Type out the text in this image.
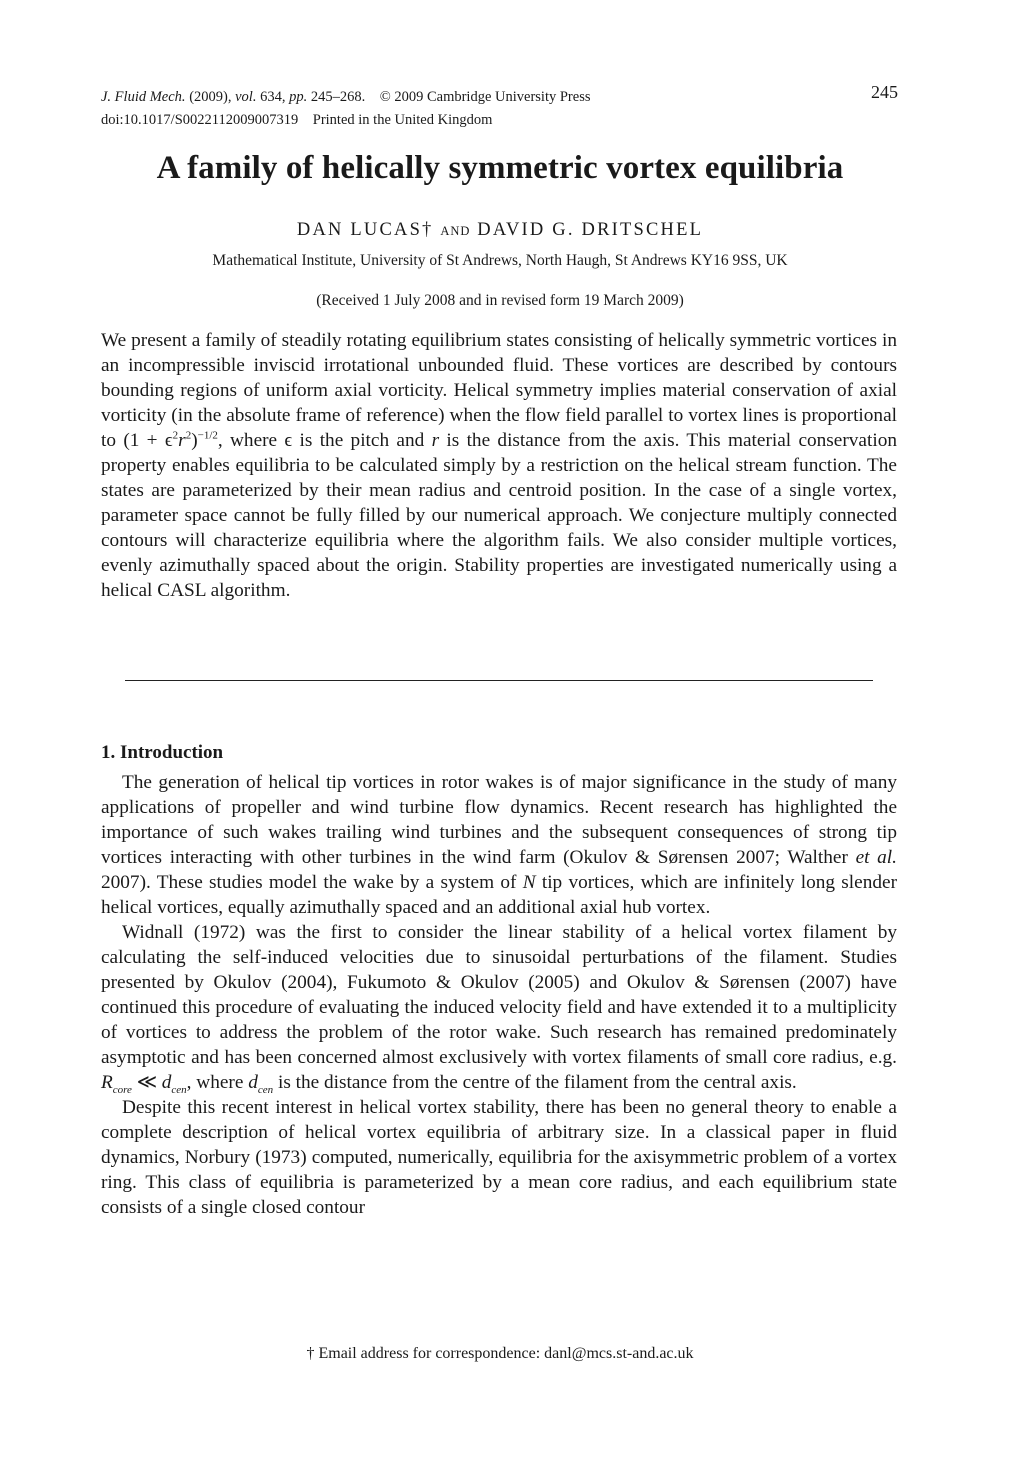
J. Fluid Mech. (2009), vol. 634, pp. 245–268. © 2009 Cambridge University Press
doi:10.1017/S0022112009007319 Printed in the United Kingdom
245
A family of helically symmetric vortex equilibria
DAN LUCAS† AND DAVID G. DRITSCHEL
Mathematical Institute, University of St Andrews, North Haugh, St Andrews KY16 9SS, UK
(Received 1 July 2008 and in revised form 19 March 2009)

We present a family of steadily rotating equilibrium states consisting of helically symmetric vortices in an incompressible inviscid irrotational unbounded fluid. These vortices are described by contours bounding regions of uniform axial vorticity. Helical symmetry implies material conservation of axial vorticity (in the absolute frame of reference) when the flow field parallel to vortex lines is proportional to $(1 + \epsilon^2r^2)^{-1/2}$, where ϵ is the pitch and r is the distance from the axis. This material conservation property enables equilibria to be calculated simply by a restriction on the helical stream function. The states are parameterized by their mean radius and centroid position. In the case of a single vortex, parameter space cannot be fully filled by our numerical approach. We conjecture multiply connected contours will characterize equilibria where the algorithm fails. We also consider multiple vortices, evenly azimuthally spaced about the origin. Stability properties are investigated numerically using a helical CASL algorithm.

1. Introduction

The generation of helical tip vortices in rotor wakes is of major significance in the study of many applications of propeller and wind turbine flow dynamics. Recent research has highlighted the importance of such wakes trailing wind turbines and the subsequent consequences of strong tip vortices interacting with other turbines in the wind farm (Okulov & Sørensen 2007; Walther et al. 2007). These studies model the wake by a system of N tip vortices, which are infinitely long slender helical vortices, equally azimuthally spaced and an additional axial hub vortex.

Widnall (1972) was the first to consider the linear stability of a helical vortex filament by calculating the self-induced velocities due to sinusoidal perturbations of the filament. Studies presented by Okulov (2004), Fukumoto & Okulov (2005) and Okulov & Sørensen (2007) have continued this procedure of evaluating the induced velocity field and have extended it to a multiplicity of vortices to address the problem of the rotor wake. Such research has remained predominately asymptotic and has been concerned almost exclusively with vortex filaments of small core radius, e.g. $R_{core}$ ≪ $d_{cen}$, where $d_{cen}$ is the distance from the centre of the filament from the central axis.

Despite this recent interest in helical vortex stability, there has been no general theory to enable a complete description of helical vortex equilibria of arbitrary size. In a classical paper in fluid dynamics, Norbury (1973) computed, numerically, equilibria for the axisymmetric problem of a vortex ring. This class of equilibria is parameterized by a mean core radius, and each equilibrium state consists of a single closed contour

† Email address for correspondence: danl@mcs.st-and.ac.uk
